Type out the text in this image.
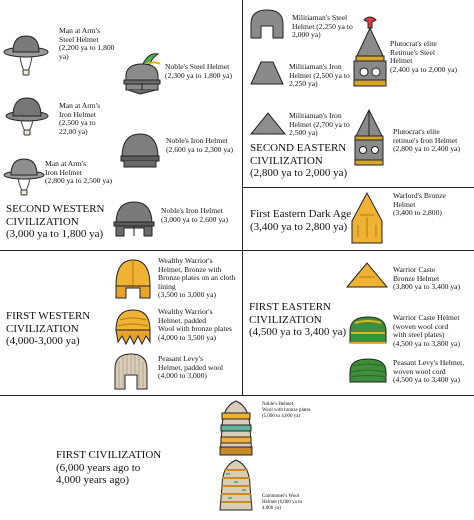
Man at Arm's
Steel Helmet
(2,200 ya to 1,800
ya)
Noble's Steel Helmet
(2,300 ya to 1,800 ya)
Man at Arm's
Iron Helmet
(2,500 ya to
22,00 ya)
Noble's Iron Helmet
(2,600 ya to 2,300 ya)
Man at Arm's
Iron Helmet
(2,800 ya to 2,500 ya)
Noble's Iron Helmet
(3,000 ya to 2,600 ya)
SECOND WESTERN
CIVILIZATION
(3,000 ya to 1,800 ya)
Militiaman's Steel
Helmet (2,250 ya to
2,000 ya)
Plutocrat's elite
Retinue's Steel
Helmet
(2,400 ya to 2,000 ya)
Militiaman's Iron
Helmet (2,500 ya to
2,250 ya)
Militiaman's Iron
Helmet (2,700 ya to
2,500 ya)	Plutocrat's elite
retinue's Iron Helmet
(2,800 ya to 2,400 ya)
SECOND EASTERN
CIVILIZATION
(2,800 ya to 2,000 ya)
First Eastern Dark Age
(3,400 ya to 2,800 ya)
Warlord's Bronze
Helmet
(3,400 to 2,800)
Wealthy Warrior's
Helmet, Bronze with
Bronze plates on an cloth
lining
(3,500 to 3,000 ya)
Wealthy Warrior's
Helmet, padded
Wool with bronze plates
(4,000 to 3,500 ya)
Peasant Levy's
Helmet, padded wool
(4,000 to 3,000)
FIRST WESTERN
CIVILIZATION
(4,000-3,000 ya)
Warrior Caste
Bronze Helmet
(3,800 ya to 3,400 ya)
Warrior Caste Helmet
(woven wool cord
with steel plates)
(4,500 ya to 3,800 ya)
Peasant Levy's Helmet,
woven wool cord
(4,500 ya to 3,400 ya)
FIRST EASTERN
CIVILIZATION
(4,500 ya to 3,400 ya)
Noble's Helmet,
Wool with bronze plates
(5,000 to 4,000 ya)
Commoner's Wool
Helmet (6,000 ya to
4,000 ya)
FIRST CIVILIZATION
(6,000 years ago to
4,000 years ago)
